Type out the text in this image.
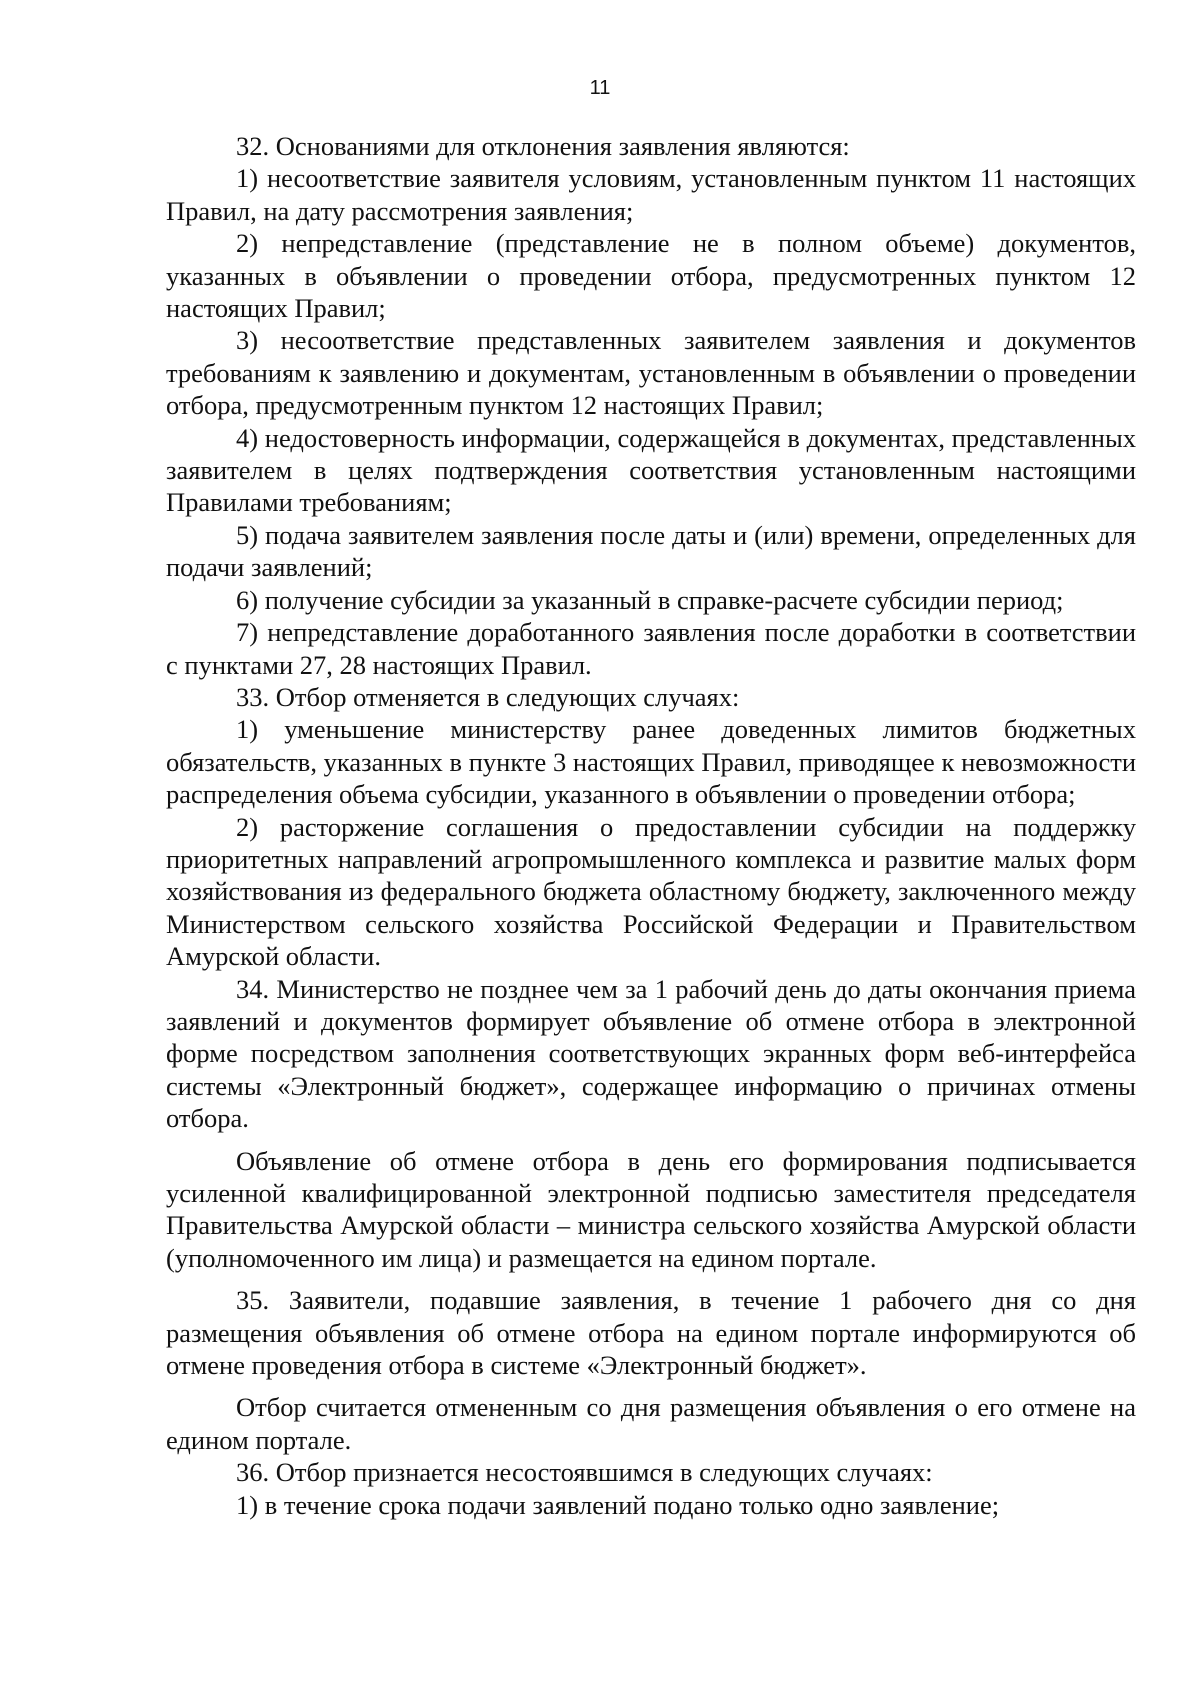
11

32. Основаниями для отклонения заявления являются:

1) несоответствие заявителя условиям, установленным пунктом 11 настоящих Правил, на дату рассмотрения заявления;

2) непредставление (представление не в полном объеме) документов, указанных в объявлении о проведении отбора, предусмотренных пунктом 12 настоящих Правил;

3) несоответствие представленных заявителем заявления и документов требованиям к заявлению и документам, установленным в объявлении о проведении отбора, предусмотренным пунктом 12 настоящих Правил;

4) недостоверность информации, содержащейся в документах, представленных заявителем в целях подтверждения соответствия установленным настоящими Правилами требованиям;

5) подача заявителем заявления после даты и (или) времени, определенных для подачи заявлений;

6) получение субсидии за указанный в справке-расчете субсидии период;

7) непредставление доработанного заявления после доработки в соответствии с пунктами 27, 28 настоящих Правил.

33. Отбор отменяется в следующих случаях:

1) уменьшение министерству ранее доведенных лимитов бюджетных обязательств, указанных в пункте 3 настоящих Правил, приводящее к невозможности распределения объема субсидии, указанного в объявлении о проведении отбора;

2) расторжение соглашения о предоставлении субсидии на поддержку приоритетных направлений агропромышленного комплекса и развитие малых форм хозяйствования из федерального бюджета областному бюджету, заключенного между Министерством сельского хозяйства Российской Федерации и Правительством Амурской области.

34. Министерство не позднее чем за 1 рабочий день до даты окончания приема заявлений и документов формирует объявление об отмене отбора в электронной форме посредством заполнения соответствующих экранных форм веб-интерфейса системы «Электронный бюджет», содержащее информацию о причинах отмены отбора.

Объявление об отмене отбора в день его формирования подписывается усиленной квалифицированной электронной подписью заместителя председателя Правительства Амурской области – министра сельского хозяйства Амурской области (уполномоченного им лица) и размещается на едином портале.

35. Заявители, подавшие заявления, в течение 1 рабочего дня со дня размещения объявления об отмене отбора на едином портале информируются об отмене проведения отбора в системе «Электронный бюджет».

Отбор считается отмененным со дня размещения объявления о его отмене на едином портале.

36. Отбор признается несостоявшимся в следующих случаях:

1) в течение срока подачи заявлений подано только одно заявление;
